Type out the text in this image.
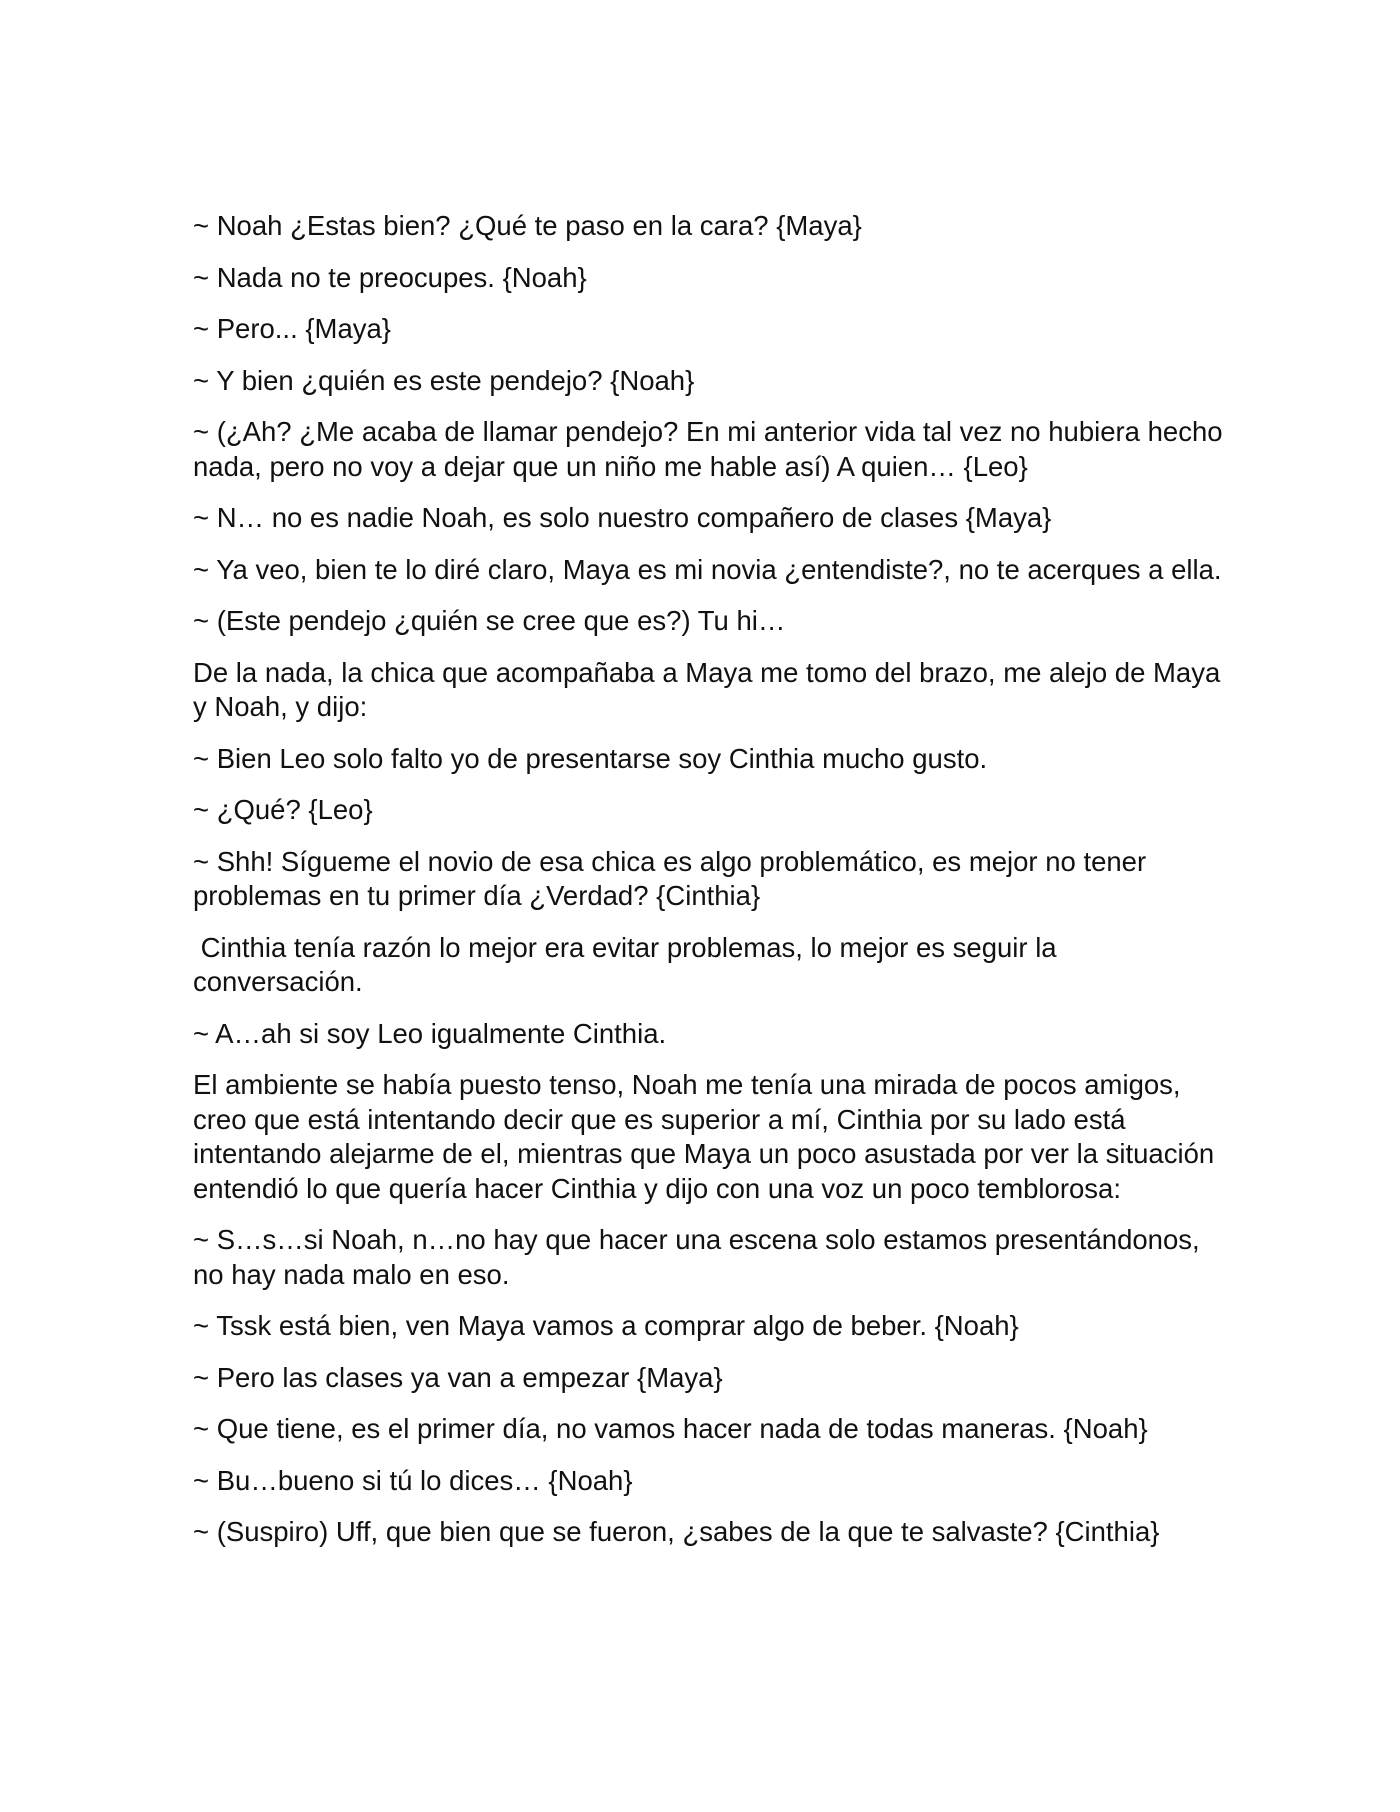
~ Noah ¿Estas bien? ¿Qué te paso en la cara? {Maya}

~ Nada no te preocupes. {Noah}

~ Pero... {Maya}

~ Y bien ¿quién es este pendejo? {Noah}

~ (¿Ah? ¿Me acaba de llamar pendejo? En mi anterior vida tal vez no hubiera hecho nada, pero no voy a dejar que un niño me hable así) A quien… {Leo}

~ N… no es nadie Noah, es solo nuestro compañero de clases {Maya}

~ Ya veo, bien te lo diré claro, Maya es mi novia ¿entendiste?, no te acerques a ella.

~ (Este pendejo ¿quién se cree que es?) Tu hi…

De la nada, la chica que acompañaba a Maya me tomo del brazo, me alejo de Maya y Noah, y dijo:

~ Bien Leo solo falto yo de presentarse soy Cinthia mucho gusto.

~ ¿Qué? {Leo}

~ Shh! Sígueme el novio de esa chica es algo problemático, es mejor no tener problemas en tu primer día ¿Verdad? {Cinthia}

Cinthia tenía razón lo mejor era evitar problemas, lo mejor es seguir la conversación.

~ A…ah si soy Leo igualmente Cinthia.

El ambiente se había puesto tenso, Noah me tenía una mirada de pocos amigos, creo que está intentando decir que es superior a mí, Cinthia por su lado está intentando alejarme de el, mientras que Maya un poco asustada por ver la situación entendió lo que quería hacer Cinthia y dijo con una voz un poco temblorosa:

~ S…s…si Noah, n…no hay que hacer una escena solo estamos presentándonos, no hay nada malo en eso.

~ Tssk está bien, ven Maya vamos a comprar algo de beber. {Noah}

~ Pero las clases ya van a empezar {Maya}

~ Que tiene, es el primer día, no vamos hacer nada de todas maneras. {Noah}

~ Bu…bueno si tú lo dices… {Noah}

~ (Suspiro) Uff, que bien que se fueron, ¿sabes de la que te salvaste? {Cinthia}
